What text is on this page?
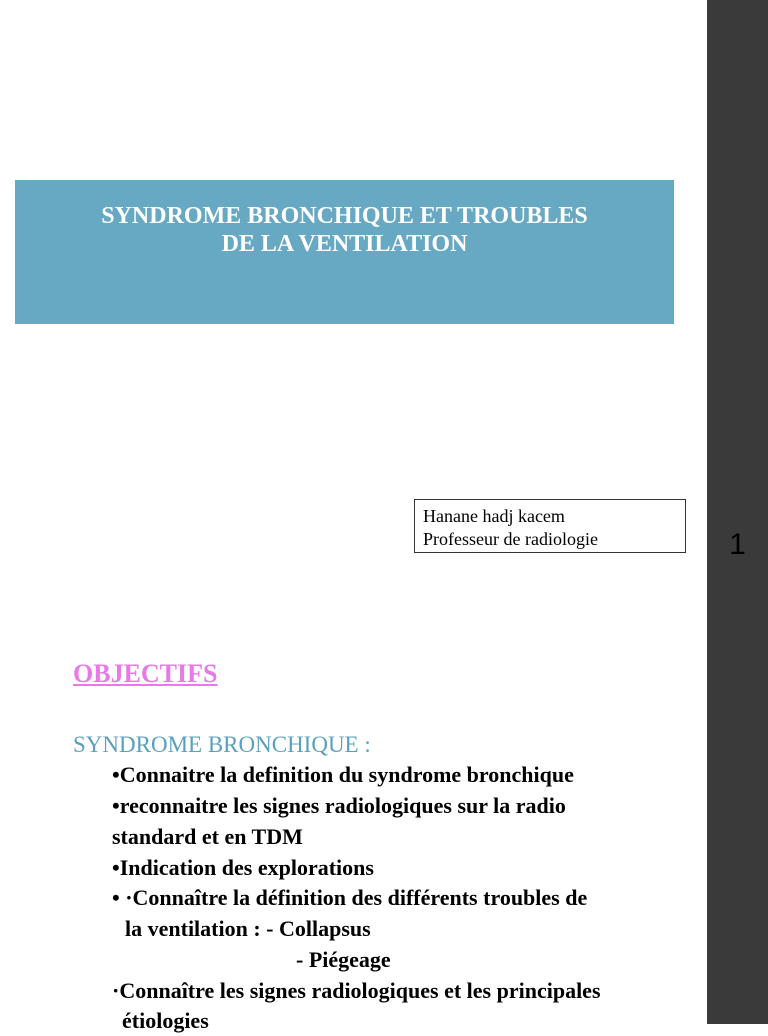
1
SYNDROME BRONCHIQUE ET TROUBLES
DE LA VENTILATION
Hanane hadj kacem
Professeur de radiologie
OBJECTIFS
SYNDROME BRONCHIQUE :
•Connaitre la definition du syndrome bronchique
•reconnaitre les signes radiologiques sur la radio
standard et en TDM
•Indication des explorations
• ·Connaître la définition des différents troubles de
la ventilation : - Collapsus
- Piégeage
·Connaître les signes radiologiques et les principales
étiologies
